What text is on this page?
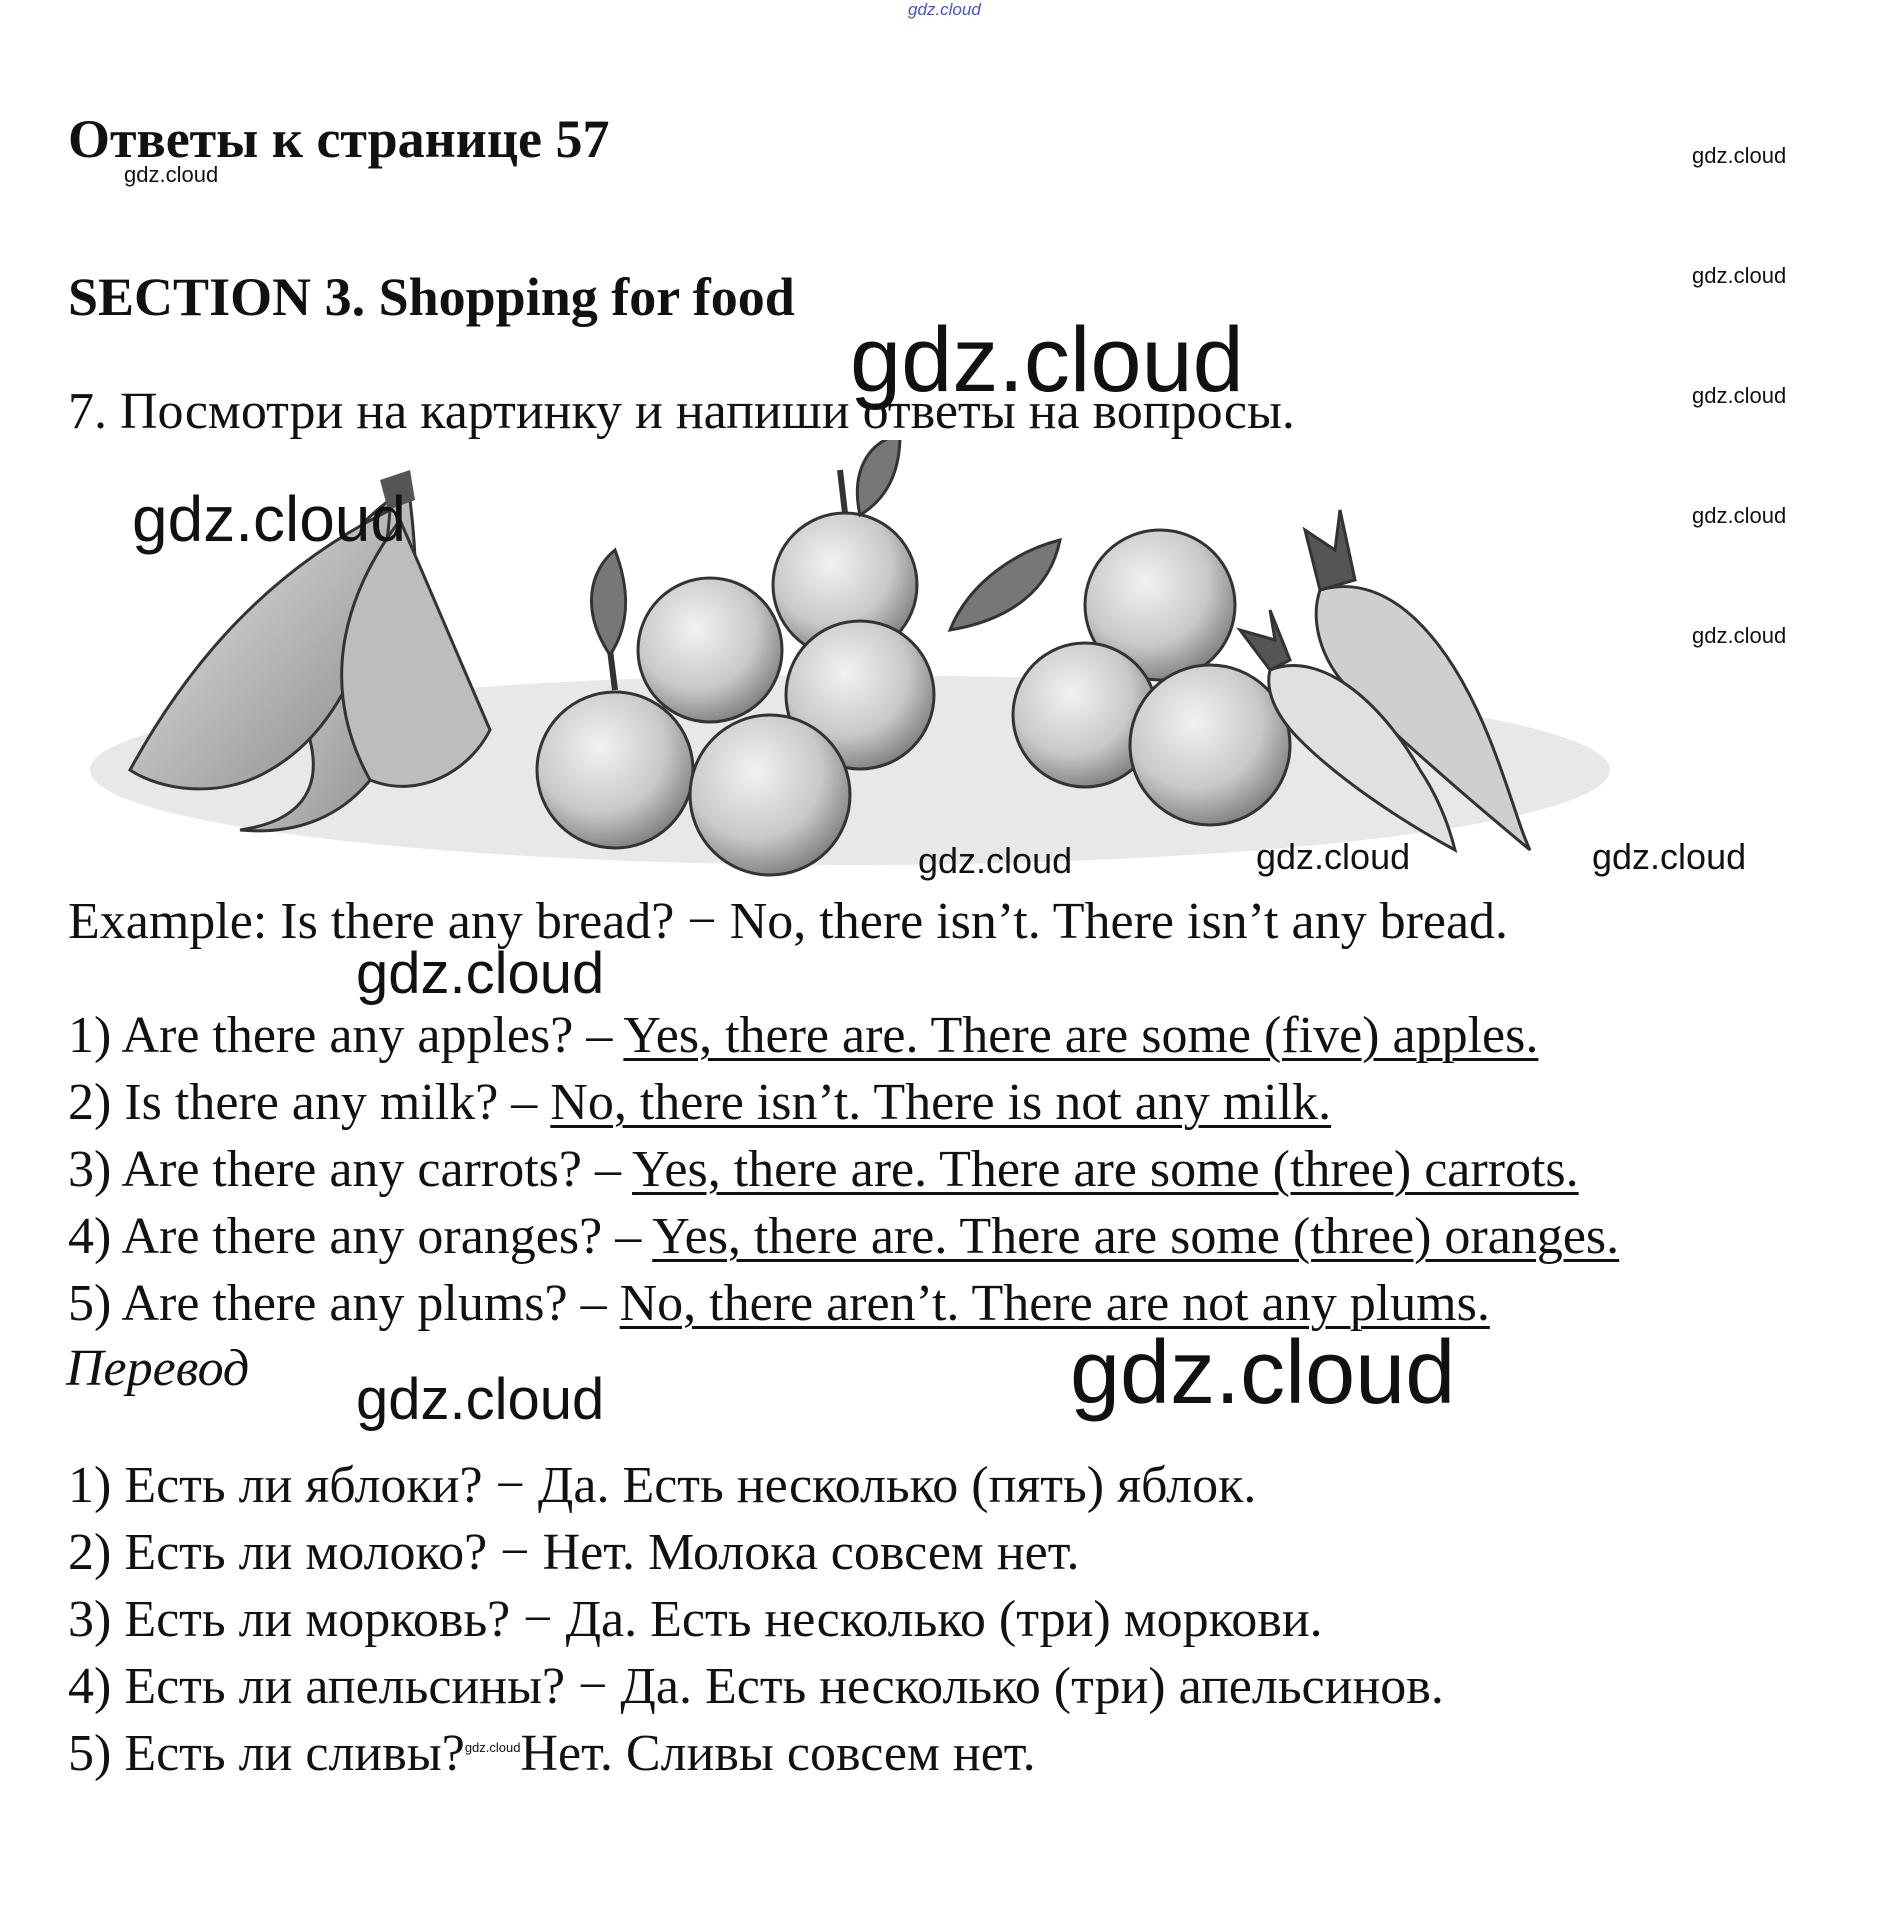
gdz.cloud
Ответы к странице 57
gdz.cloud
gdz.cloud
gdz.cloud
gdz.cloud
gdz.cloud
gdz.cloud
SECTION 3. Shopping for food
gdz.cloud
7. Посмотри на картинку и напиши ответы на вопросы.
gdz.cloud
gdz.cloud	gdz.cloud	gdz.cloud
Example: Is there any bread? − No, there isn’t. There isn’t any bread.
gdz.cloud
1) Are there any apples? – Yes, there are. There are some (five) apples.
2) Is there any milk? – No, there isn’t. There is not any milk.
3) Are there any carrots? – Yes, there are. There are some (three) carrots.
4) Are there any oranges? – Yes, there are. There are some (three) oranges.
5) Are there any plums? – No, there aren’t. There are not any plums.
Перевод gdz.cloud	gdz.cloud
1) Есть ли яблоки? − Да. Есть несколько (пять) яблок.
2) Есть ли молоко? − Нет. Молока совсем нет.
3) Есть ли морковь? − Да. Есть несколько (три) моркови.
4) Есть ли апельсины? − Да. Есть несколько (три) апельсинов.
5) Есть ли сливы?$^{gdz.cloud}$Нет. Сливы совсем нет.
